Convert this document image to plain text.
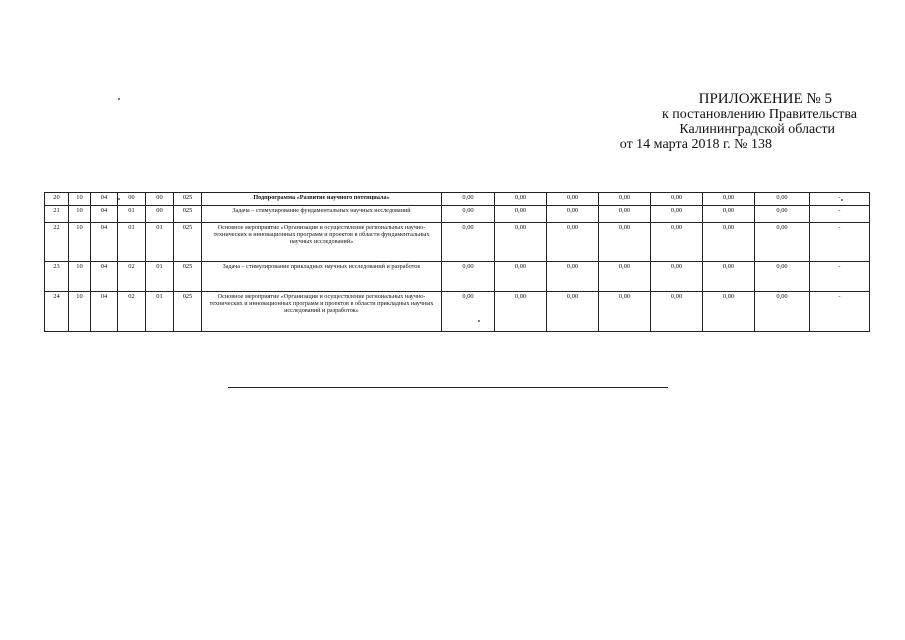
ПРИЛОЖЕНИЕ № 5
к постановлению Правительства
Калининградской области
от 14 марта 2018 г. № 138
20	10	04	00	00	025	Подпрограмма «Развитие научного потенциала»	0,00	0,00	0,00	0,00	0,00	0,00	0,00	-
21	10	04	01	00	025	Задача – стимулирование фундаментальных научных исследований	0,00	0,00	0,00	0,00	0,00	0,00	0,00	-
22	10	04	01	01	025	Основное мероприятие «Организация и осуществление региональных научно-технических и инновационных программ и проектов в области фундаментальных научных исследований»	0,00	0,00	0,00	0,00	0,00	0,00	0,00	-
23	10	04	02	01	025	Задача – стимулирование прикладных научных исследований и разработок	0,00	0,00	0,00	0,00	0,00	0,00	0,00	-
24	10	04	02	01	025	Основное мероприятие «Организация и осуществление региональных научно-технических и инновационных программ и проектов в области прикладных научных исследований и разработок»	0,00	0,00	0,00	0,00	0,00	0,00	0,00	-
